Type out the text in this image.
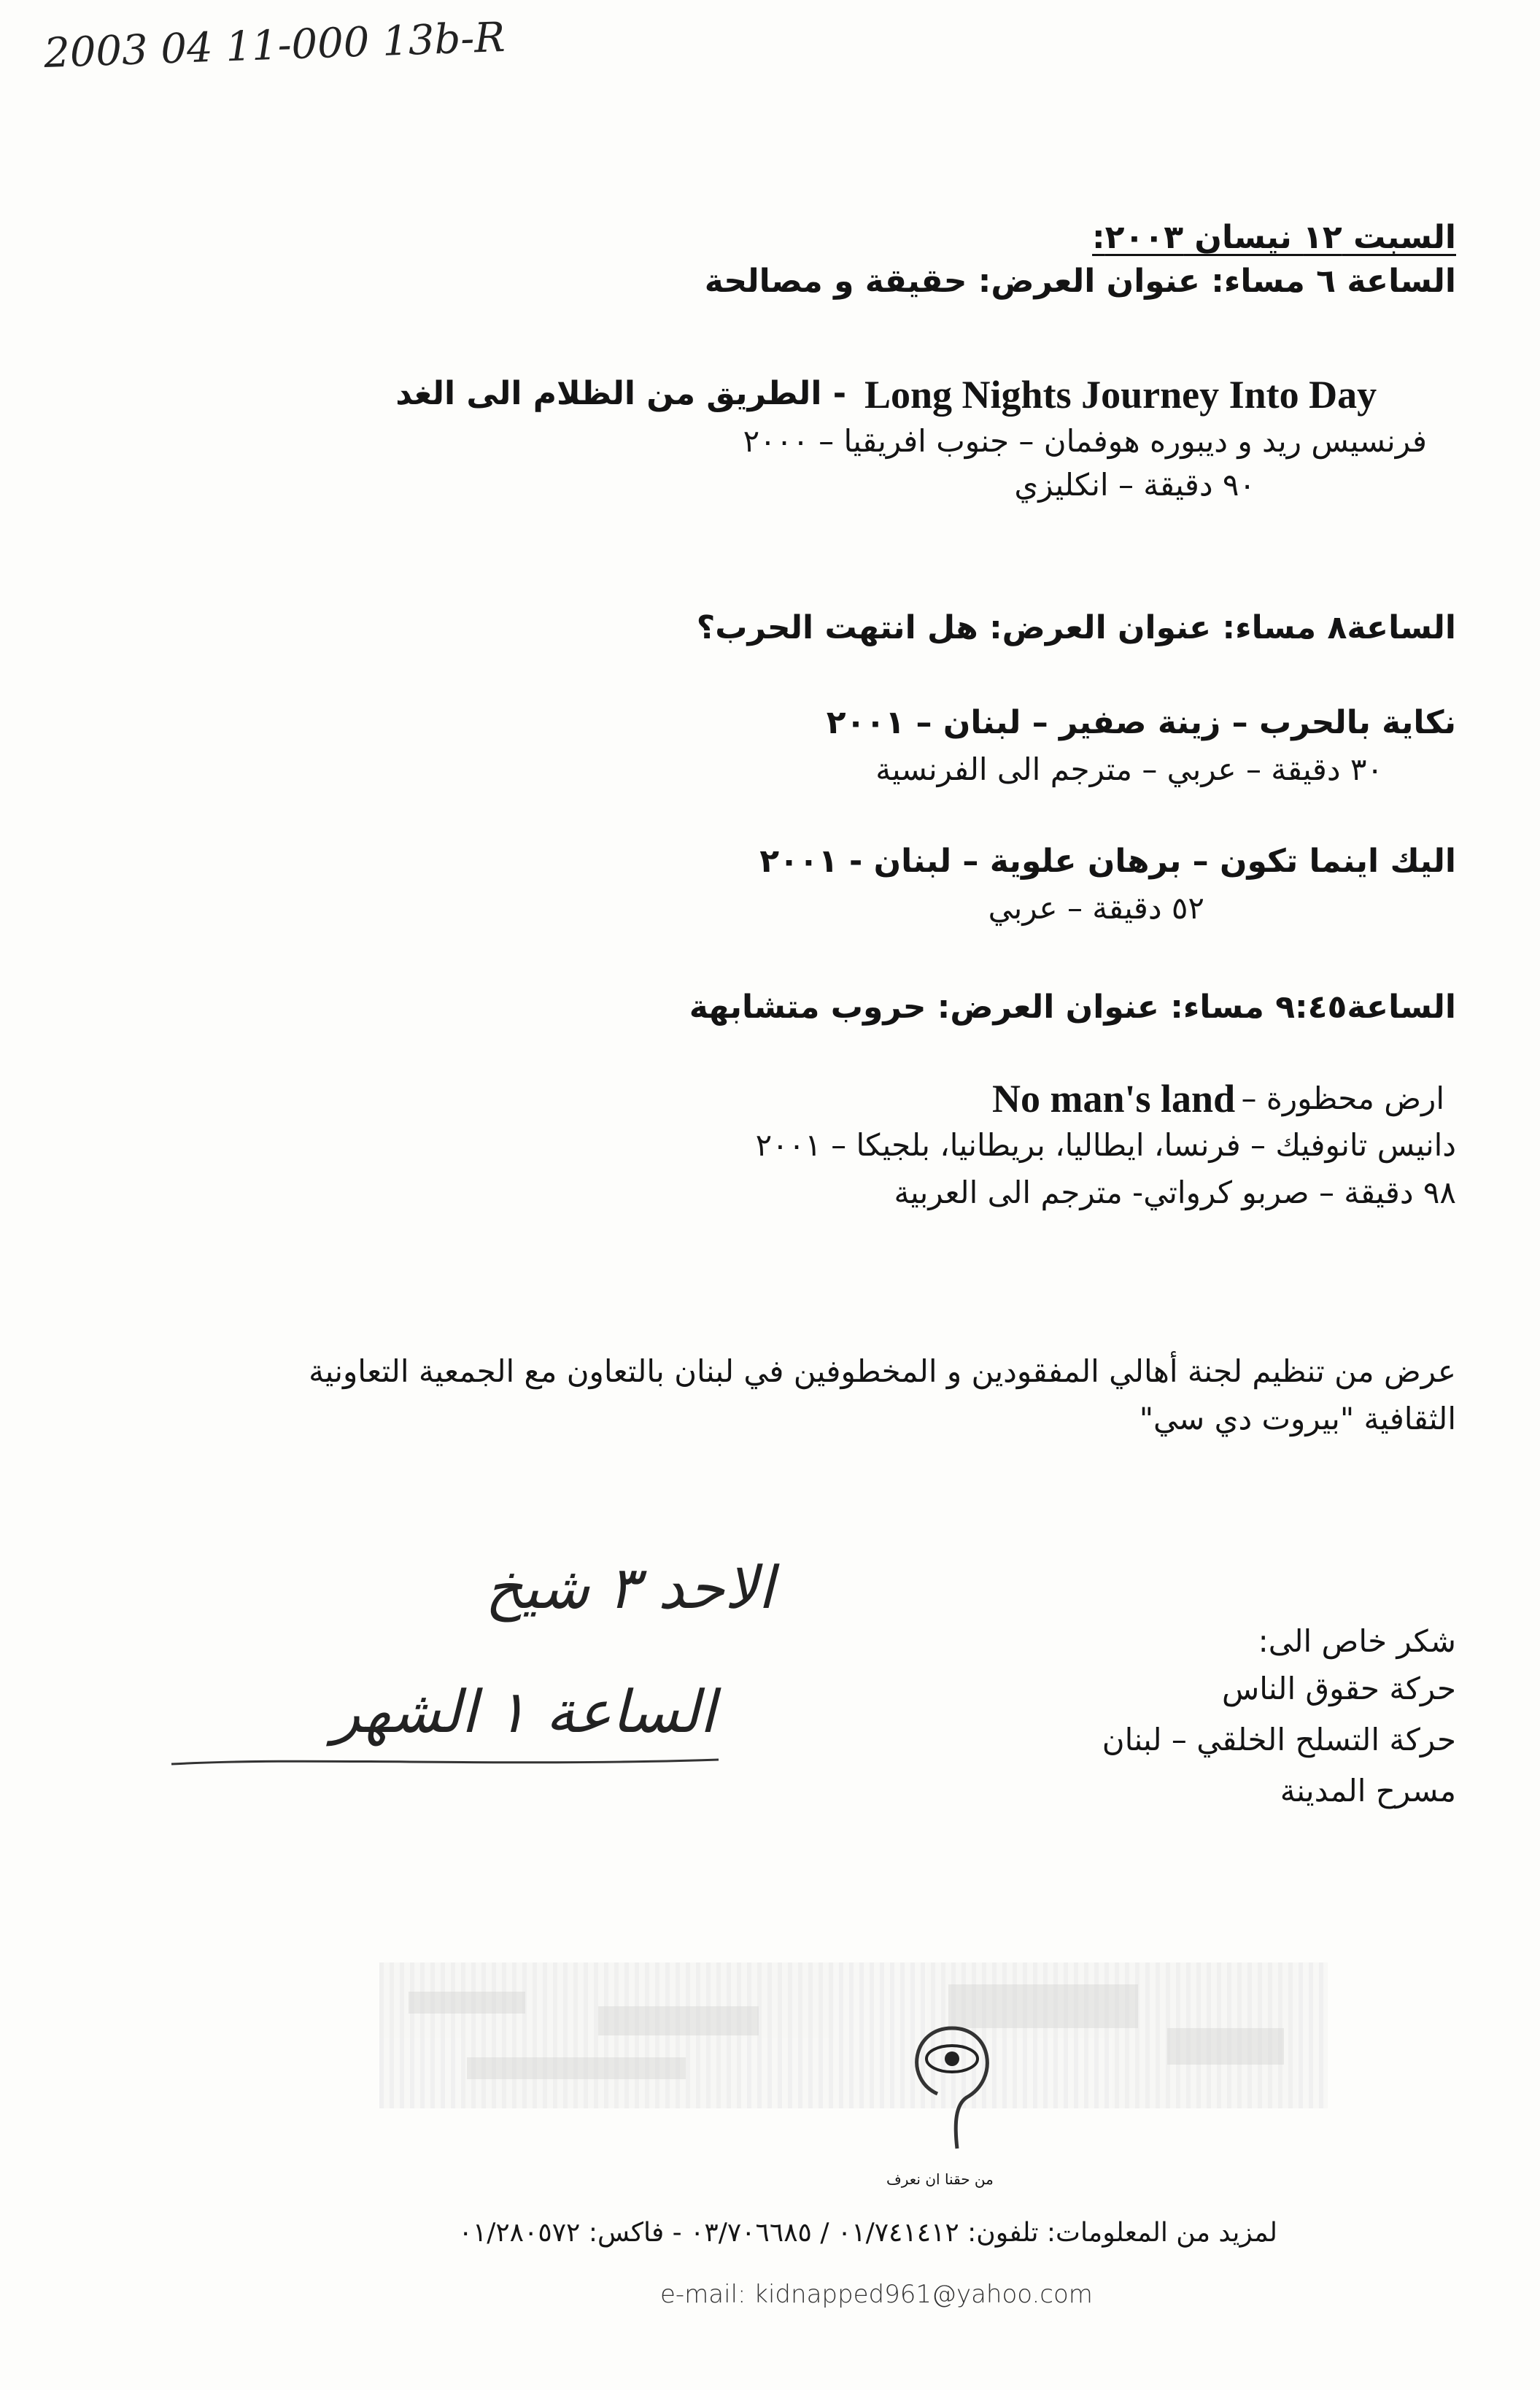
2003 04 11-000 13b-R
السبت ١٢ نيسان ٢٠٠٣:
الساعة ٦ مساء: عنوان العرض: حقيقة و مصالحة
Long Nights Journey Into Day
- الطريق من الظلام الى الغد
فرنسيس ريد و ديبوره هوفمان – جنوب افريقيا – ٢٠٠٠
٩٠ دقيقة – انكليزي
الساعة٨ مساء: عنوان العرض: هل انتهت الحرب؟
نكاية بالحرب – زينة صفير – لبنان – ٢٠٠١
٣٠ دقيقة – عربي – مترجم الى الفرنسية
اليك اينما تكون – برهان علوية – لبنان - ٢٠٠١
٥٢ دقيقة – عربي
الساعة٩:٤٥ مساء: عنوان العرض: حروب متشابهة
No man's land ارض محظورة –
دانيس تانوفيك – فرنسا، ايطاليا، بريطانيا، بلجيكا – ٢٠٠١
٩٨ دقيقة – صربو كرواتي- مترجم الى العربية
عرض من تنظيم لجنة أهالي المفقودين و المخطوفين في لبنان بالتعاون مع الجمعية التعاونية
الثقافية "بيروت دي سي"
الاحد ٣ شيخ
الساعة ١ الشهر
شكر خاص الى:
حركة حقوق الناس
حركة التسلح الخلقي – لبنان
مسرح المدينة
من حقنا ان نعرف
لمزيد من المعلومات: تلفون: ٠١/٧٤١٤١٢ / ٠٣/٧٠٦٦٨٥ - فاكس: ٠١/٢٨٠٥٧٢
e-mail: kidnapped961@yahoo.com
